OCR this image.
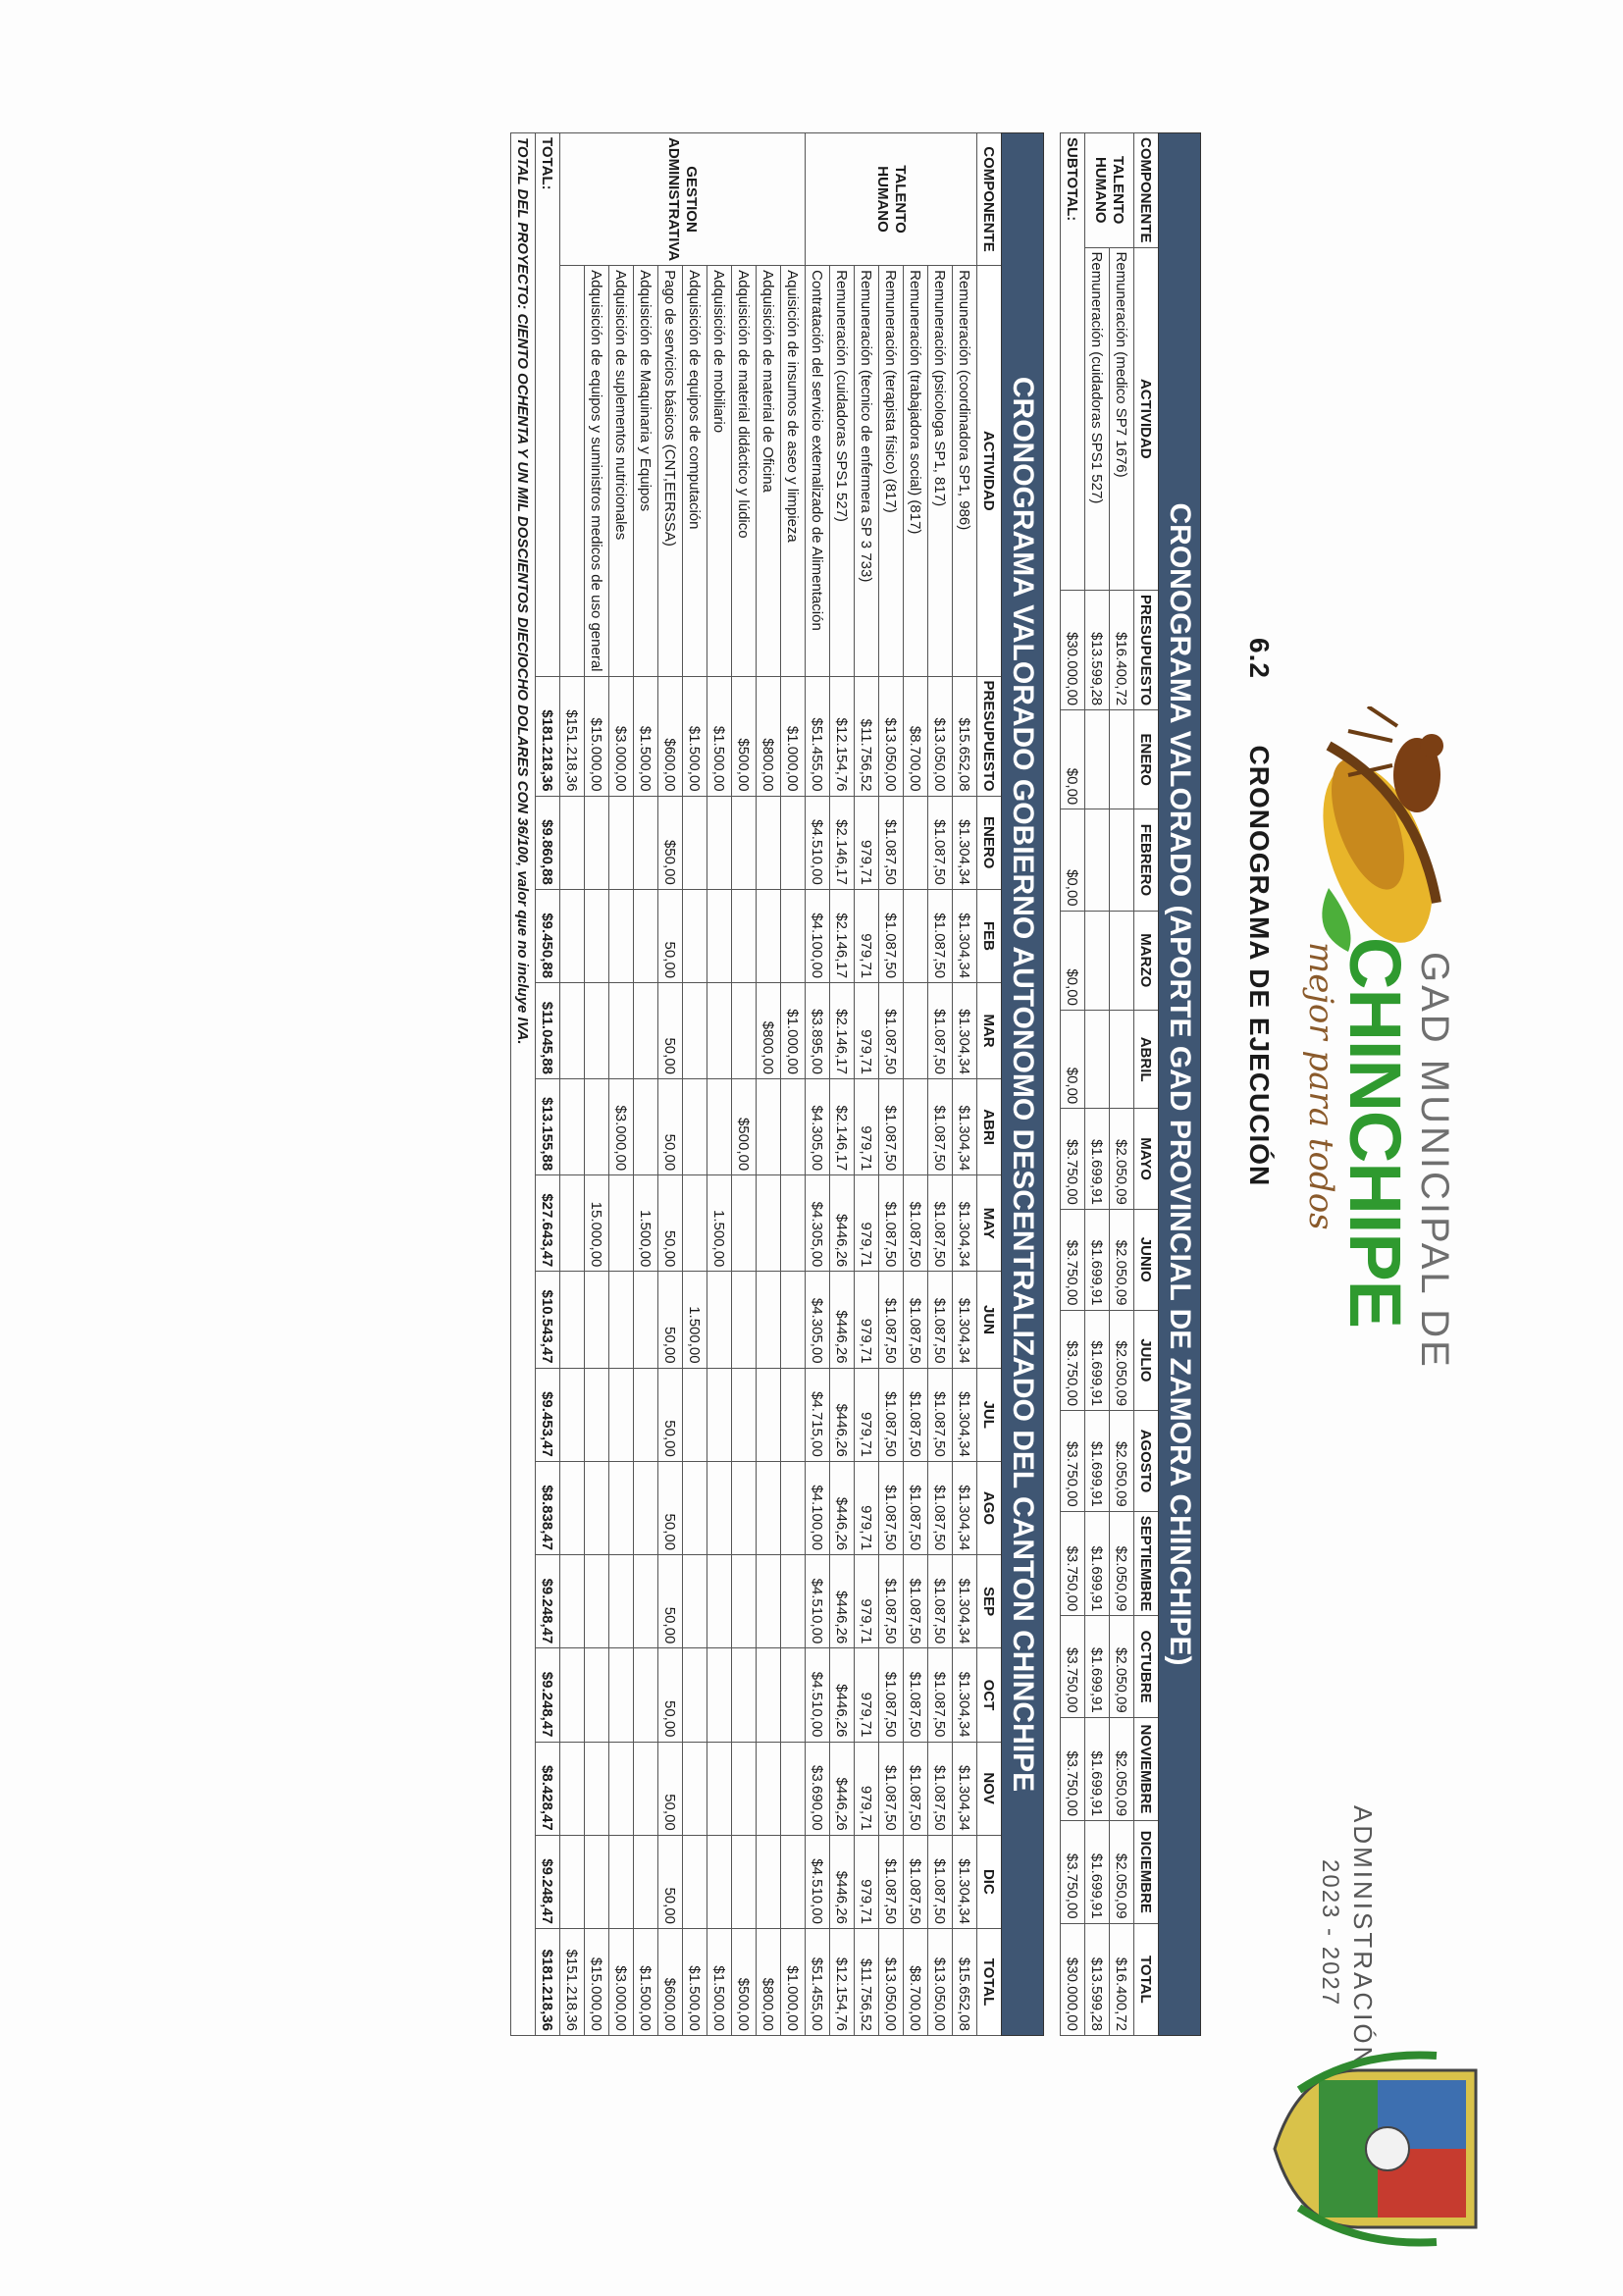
GAD MUNICIPAL DE
CHINCHIPE
mejor para todos
ADMINISTRACIÓN
2023 - 2027
6.2  CRONOGRAMA DE EJECUCIÓN
CRONOGRAMA VALORADO (APORTE GAD PROVINCIAL DE ZAMORA CHINCHIPE)															
COMPONENTE	ACTIVIDAD	PRESUPUESTO	ENERO	FEBRERO	MARZO	ABRIL	MAYO	JUNIO	JULIO	AGOSTO	SEPTIEMBRE	OCTUBRE	NOVIEMBRE	DICIEMBRE	TOTAL
TALENTO HUMANO	Remuneración (medico SP7 1676)	$16.400,72					$2.050,09	$2.050,09	$2.050,09	$2.050,09	$2.050,09	$2.050,09	$2.050,09	$2.050,09	$16.400,72
	Remuneración (cuidadoras SPS1 527)	$13.599,28					$1.699,91	$1.699,91	$1.699,91	$1.699,91	$1.699,91	$1.699,91	$1.699,91	$1.699,91	$13.599,28
SUBTOTAL:		$30.000,00	$0,00	$0,00	$0,00	$0,00	$3.750,00	$3.750,00	$3.750,00	$3.750,00	$3.750,00	$3.750,00	$3.750,00	$3.750,00	$30.000,00
CRONOGRAMA VALORADO GOBIERNO AUTONOMO DESCENTRALIZADO DEL CANTON CHINCHIPE															
COMPONENTE	ACTIVIDAD	PRESUPUESTO	ENERO	FEB	MAR	ABRI	MAY	JUN	JUL	AGO	SEP	OCT	NOV	DIC	TOTAL
TALENTO HUMANO	Remuneración (coordinadora SP1, 986)	$15.652,08	$1.304,34	$1.304,34	$1.304,34	$1.304,34	$1.304,34	$1.304,34	$1.304,34	$1.304,34	$1.304,34	$1.304,34	$1.304,34	$1.304,34	$15.652,08
	Remuneración (psicologa SP1, 817)	$13.050,00	$1.087,50	$1.087,50	$1.087,50	$1.087,50	$1.087,50	$1.087,50	$1.087,50	$1.087,50	$1.087,50	$1.087,50	$1.087,50	$1.087,50	$13.050,00
	Remuneración (trabajadora social) (817)	$8.700,00					$1.087,50	$1.087,50	$1.087,50	$1.087,50	$1.087,50	$1.087,50	$1.087,50	$1.087,50	$8.700,00
	Remuneración (terapista físico) (817)	$13.050,00	$1.087,50	$1.087,50	$1.087,50	$1.087,50	$1.087,50	$1.087,50	$1.087,50	$1.087,50	$1.087,50	$1.087,50	$1.087,50	$1.087,50	$13.050,00
	Remuneración (tecnico de enfermera SP 3 733)	$11.756,52	979,71	979,71	979,71	979,71	979,71	979,71	979,71	979,71	979,71	979,71	979,71	979,71	$11.756,52
	Remuneración (cuidadoras SPS1 527)	$12.154,76	$2.146,17	$2.146,17	$2.146,17	$2.146,17	$446,26	$446,26	$446,26	$446,26	$446,26	$446,26	$446,26	$446,26	$12.154,76
	Contratación del servicio externalizado de Alimentación	$51.455,00	$4.510,00	$4.100,00	$3.895,00	$4.305,00	$4.305,00	$4.305,00	$4.715,00	$4.100,00	$4.510,00	$4.510,00	$3.690,00	$4.510,00	$51.455,00
GESTION ADMINISTRATIVA	Aquisición de insumos de aseo y limpieza	$1.000,00			$1.000,00										$1.000,00
	Adquisición de material de Oficina	$800,00			$800,00										$800,00
	Adquisición de material didáctico y lúdico	$500,00				$500,00									$500,00
	Adquisición de mobiliario	$1.500,00					1.500,00								$1.500,00
	Adquisición de equipos de computación	$1.500,00						1.500,00							$1.500,00
	Pago de servicios básicos (CNT,EERSSA)	$600,00	$50,00	50,00	50,00	50,00	50,00	50,00	50,00	50,00	50,00	50,00	50,00	50,00	$600,00
	Adquisición de Maquinaria y Equipos	$1.500,00					1.500,00								$1.500,00
	Adquisición de suplementos nutricionales	$3.000,00				$3.000,00									$3.000,00
	Adquisición de equipos y suministros medicos de uso general	$15.000,00					15.000,00								$15.000,00
		$151.218,36													$151.218,36
TOTAL:		$181.218,36	$9.860,88	$9.450,88	$11.045,88	$13.155,88	$27.643,47	$10.543,47	$9.453,47	$8.838,47	$9.248,47	$9.248,47	$8.428,47	$9.248,47	$181.218,36
TOTAL DEL PROYECTO: CIENTO OCHENTA Y UN MIL DOSCIENTOS DIECIOCHO DOLARES CON 36/100, valor que no incluye IVA.															
